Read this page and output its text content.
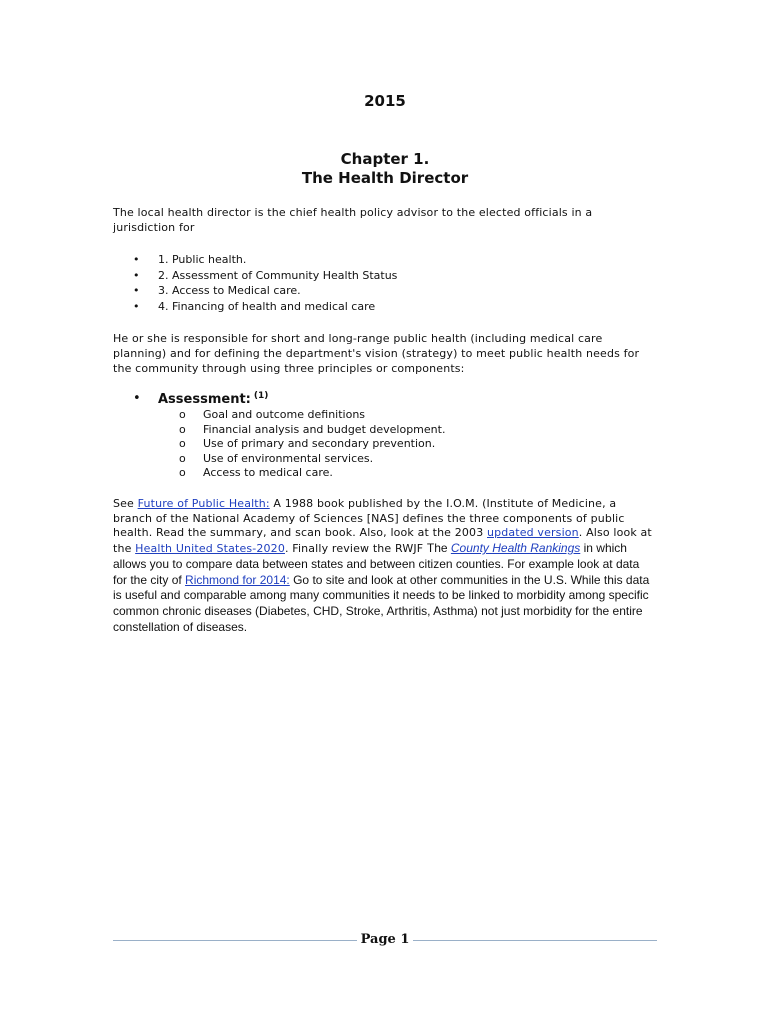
2015
Chapter 1.
The Health Director
The local health director is the chief health policy advisor to the elected officials in a jurisdiction for
• 1. Public health.
• 2. Assessment of Community Health Status
• 3. Access to Medical care.
• 4. Financing of health and medical care
He or she is responsible for short and long-range public health (including medical care planning) and for defining the department's vision (strategy) to meet public health needs for the community through using three principles or components:
• Assessment: $^{(1)}$
o Goal and outcome definitions
o Financial analysis and budget development.
o Use of primary and secondary prevention.
o Use of environmental services.
o Access to medical care.
See Future of Public Health: A 1988 book published by the I.O.M. (Institute of Medicine, a branch of the National Academy of Sciences [NAS] defines the three components of public health. Read the summary, and scan book. Also, look at the 2003 updated version. Also look at the Health United States-2020. Finally review the RWJF The County Health Rankings in which allows you to compare data between states and between citizen counties. For example look at data for the city of Richmond for 2014: Go to site and look at other communities in the U.S. While this data is useful and comparable among many communities it needs to be linked to morbidity among specific common chronic diseases (Diabetes, CHD, Stroke, Arthritis, Asthma) not just morbidity for the entire constellation of diseases.
Page 1
